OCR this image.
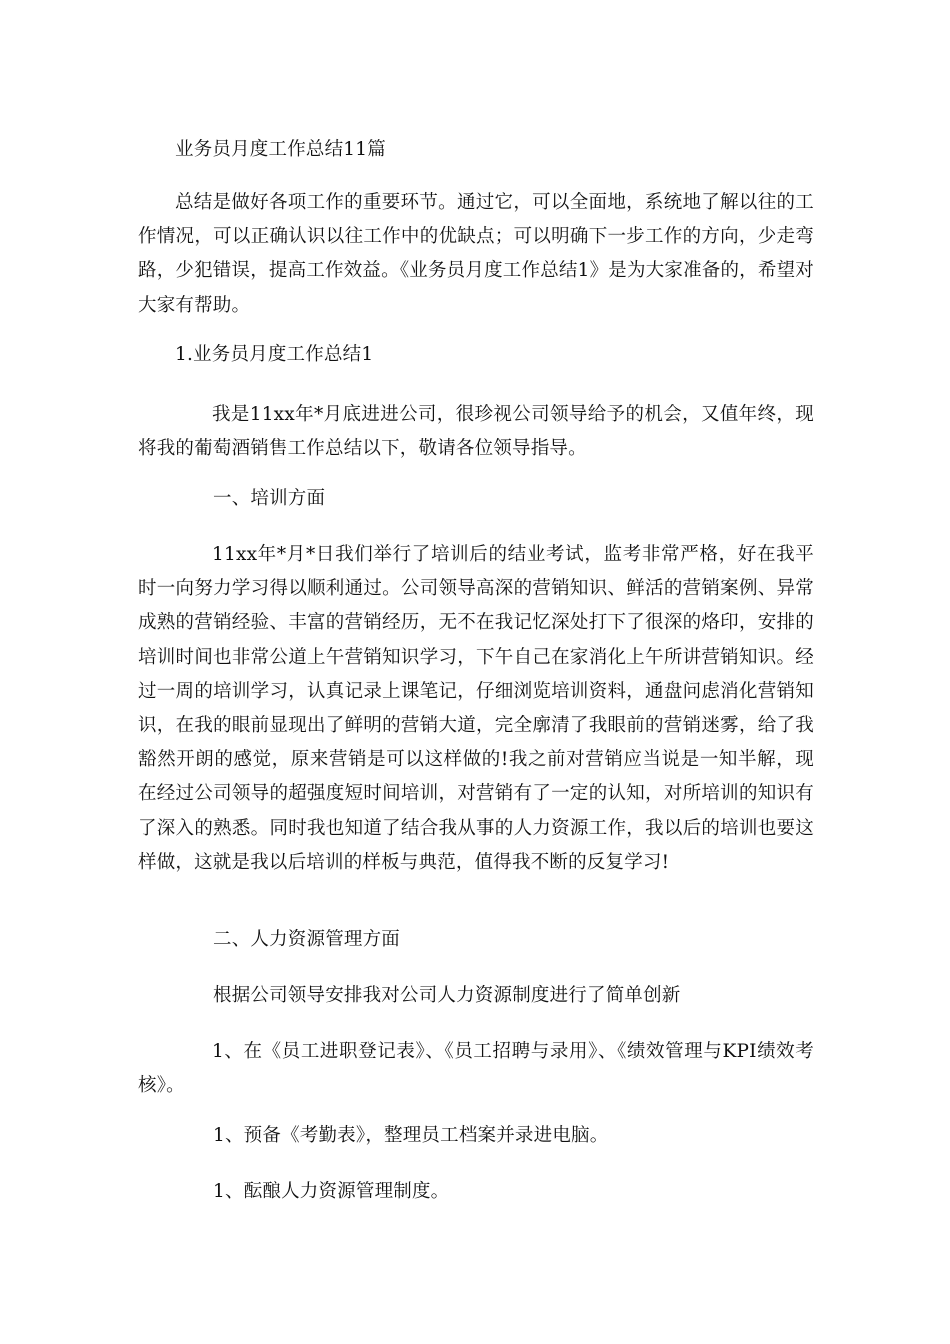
业务员月度工作总结11篇
总结是做好各项工作的重要环节。通过它，可以全面地，系统地了解以往的工作情况，可以正确认识以往工作中的优缺点；可以明确下一步工作的方向，少走弯路，少犯错误，提高工作效益。《业务员月度工作总结1》是为大家准备的，希望对大家有帮助。
1.业务员月度工作总结1
我是11xx年*月底进进公司，很珍视公司领导给予的机会，又值年终，现将我的葡萄酒销售工作总结以下，敬请各位领导指导。
一、培训方面
11xx年*月*日我们举行了培训后的结业考试，监考非常严格，好在我平时一向努力学习得以顺利通过。公司领导高深的营销知识、鲜活的营销案例、异常成熟的营销经验、丰富的营销经历，无不在我记忆深处打下了很深的烙印，安排的培训时间也非常公道上午营销知识学习，下午自己在家消化上午所讲营销知识。经过一周的培训学习，认真记录上课笔记，仔细浏览培训资料，通盘问虑消化营销知识，在我的眼前显现出了鲜明的营销大道，完全廓清了我眼前的营销迷雾，给了我豁然开朗的感觉，原来营销是可以这样做的!我之前对营销应当说是一知半解，现在经过公司领导的超强度短时间培训，对营销有了一定的认知，对所培训的知识有了深入的熟悉。同时我也知道了结合我从事的人力资源工作，我以后的培训也要这样做，这就是我以后培训的样板与典范，值得我不断的反复学习!
二、人力资源管理方面
根据公司领导安排我对公司人力资源制度进行了简单创新
1、在《员工进职登记表》、《员工招聘与录用》、《绩效管理与KPI绩效考核》。
1、预备《考勤表》，整理员工档案并录进电脑。
1、酝酿人力资源管理制度。
